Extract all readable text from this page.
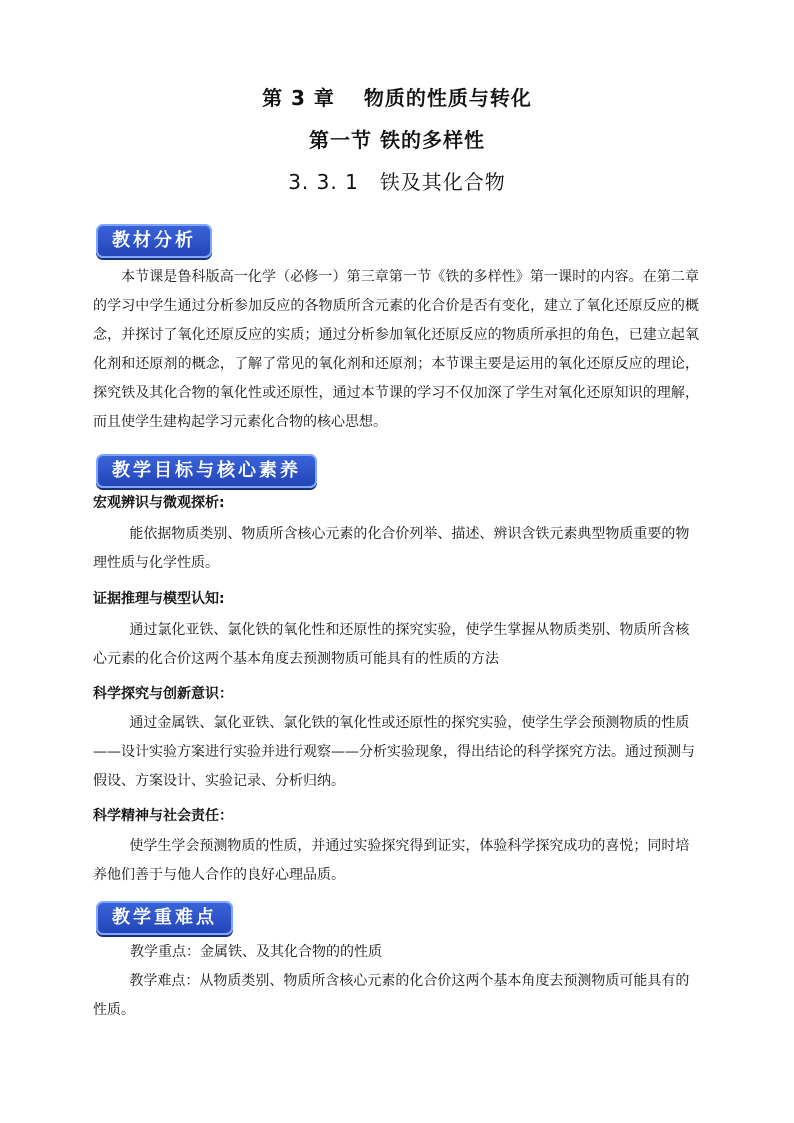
第 3 章　 物质的性质与转化
第一节 铁的多样性
3. 3. 1　铁及其化合物
教材分析
本节课是鲁科版高一化学（必修一）第三章第一节《铁的多样性》第一课时的内容。在第二章的学习中学生通过分析参加反应的各物质所含元素的化合价是否有变化，建立了氧化还原反应的概念，并探讨了氧化还原反应的实质；通过分析参加氧化还原反应的物质所承担的角色，已建立起氧化剂和还原剂的概念，了解了常见的氧化剂和还原剂；本节课主要是运用的氧化还原反应的理论，探究铁及其化合物的氧化性或还原性，通过本节课的学习不仅加深了学生对氧化还原知识的理解，而且使学生建构起学习元素化合物的核心思想。
教学目标与核心素养
宏观辨识与微观探析:
能依据物质类别、物质所含核心元素的化合价列举、描述、辨识含铁元素典型物质重要的物理性质与化学性质。
证据推理与模型认知:
通过氯化亚铁、氯化铁的氧化性和还原性的探究实验，使学生掌握从物质类别、物质所含核心元素的化合价这两个基本角度去预测物质可能具有的性质的方法
科学探究与创新意识：
通过金属铁、氯化亚铁、氯化铁的氧化性或还原性的探究实验，使学生学会预测物质的性质——设计实验方案进行实验并进行观察——分析实验现象，得出结论的科学探究方法。通过预测与假设、方案设计、实验记录、分析归纳。
科学精神与社会责任：
使学生学会预测物质的性质，并通过实验探究得到证实，体验科学探究成功的喜悦；同时培养他们善于与他人合作的良好心理品质。
教学重难点
教学重点：金属铁、及其化合物的的性质
教学难点：从物质类别、物质所含核心元素的化合价这两个基本角度去预测物质可能具有的性质。
